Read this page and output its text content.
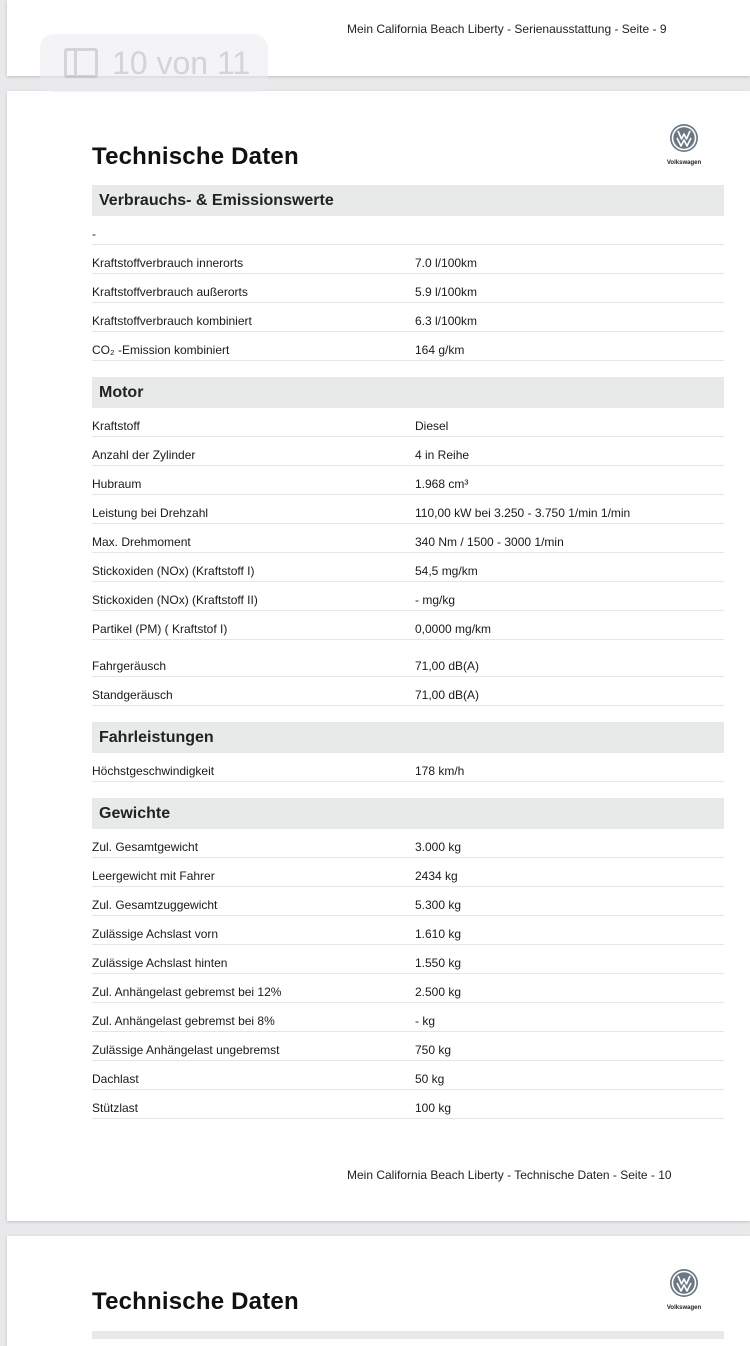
Mein California Beach Liberty - Serienausstattung - Seite - 9
10 von 11
Technische Daten	Volkswagen
Verbrauchs- & Emissionswerte
-
Kraftstoffverbrauch innerorts	7.0 l/100km
Kraftstoffverbrauch außerorts	5.9 l/100km
Kraftstoffverbrauch kombiniert	6.3 l/100km
CO₂ -Emission kombiniert	164 g/km
Motor
Kraftstoff	Diesel
Anzahl der Zylinder	4 in Reihe
Hubraum	1.968 cm³
Leistung bei Drehzahl	110,00 kW bei 3.250 - 3.750 1/min 1/min
Max. Drehmoment	340 Nm / 1500 - 3000 1/min
Stickoxiden (NOx) (Kraftstoff I)	54,5 mg/km
Stickoxiden (NOx) (Kraftstoff II)	- mg/kg
Partikel (PM) ( Kraftstof I)	0,0000 mg/km
Fahrgeräusch	71,00 dB(A)
Standgeräusch	71,00 dB(A)
Fahrleistungen
Höchstgeschwindigkeit	178 km/h
Gewichte
Zul. Gesamtgewicht	3.000 kg
Leergewicht mit Fahrer	2434 kg
Zul. Gesamtzuggewicht	5.300 kg
Zulässige Achslast vorn	1.610 kg
Zulässige Achslast hinten	1.550 kg
Zul. Anhängelast gebremst bei 12%	2.500 kg
Zul. Anhängelast gebremst bei 8%	- kg
Zulässige Anhängelast ungebremst	750 kg
Dachlast	50 kg
Stützlast	100 kg
Mein California Beach Liberty - Technische Daten - Seite - 10
Technische Daten	Volkswagen
